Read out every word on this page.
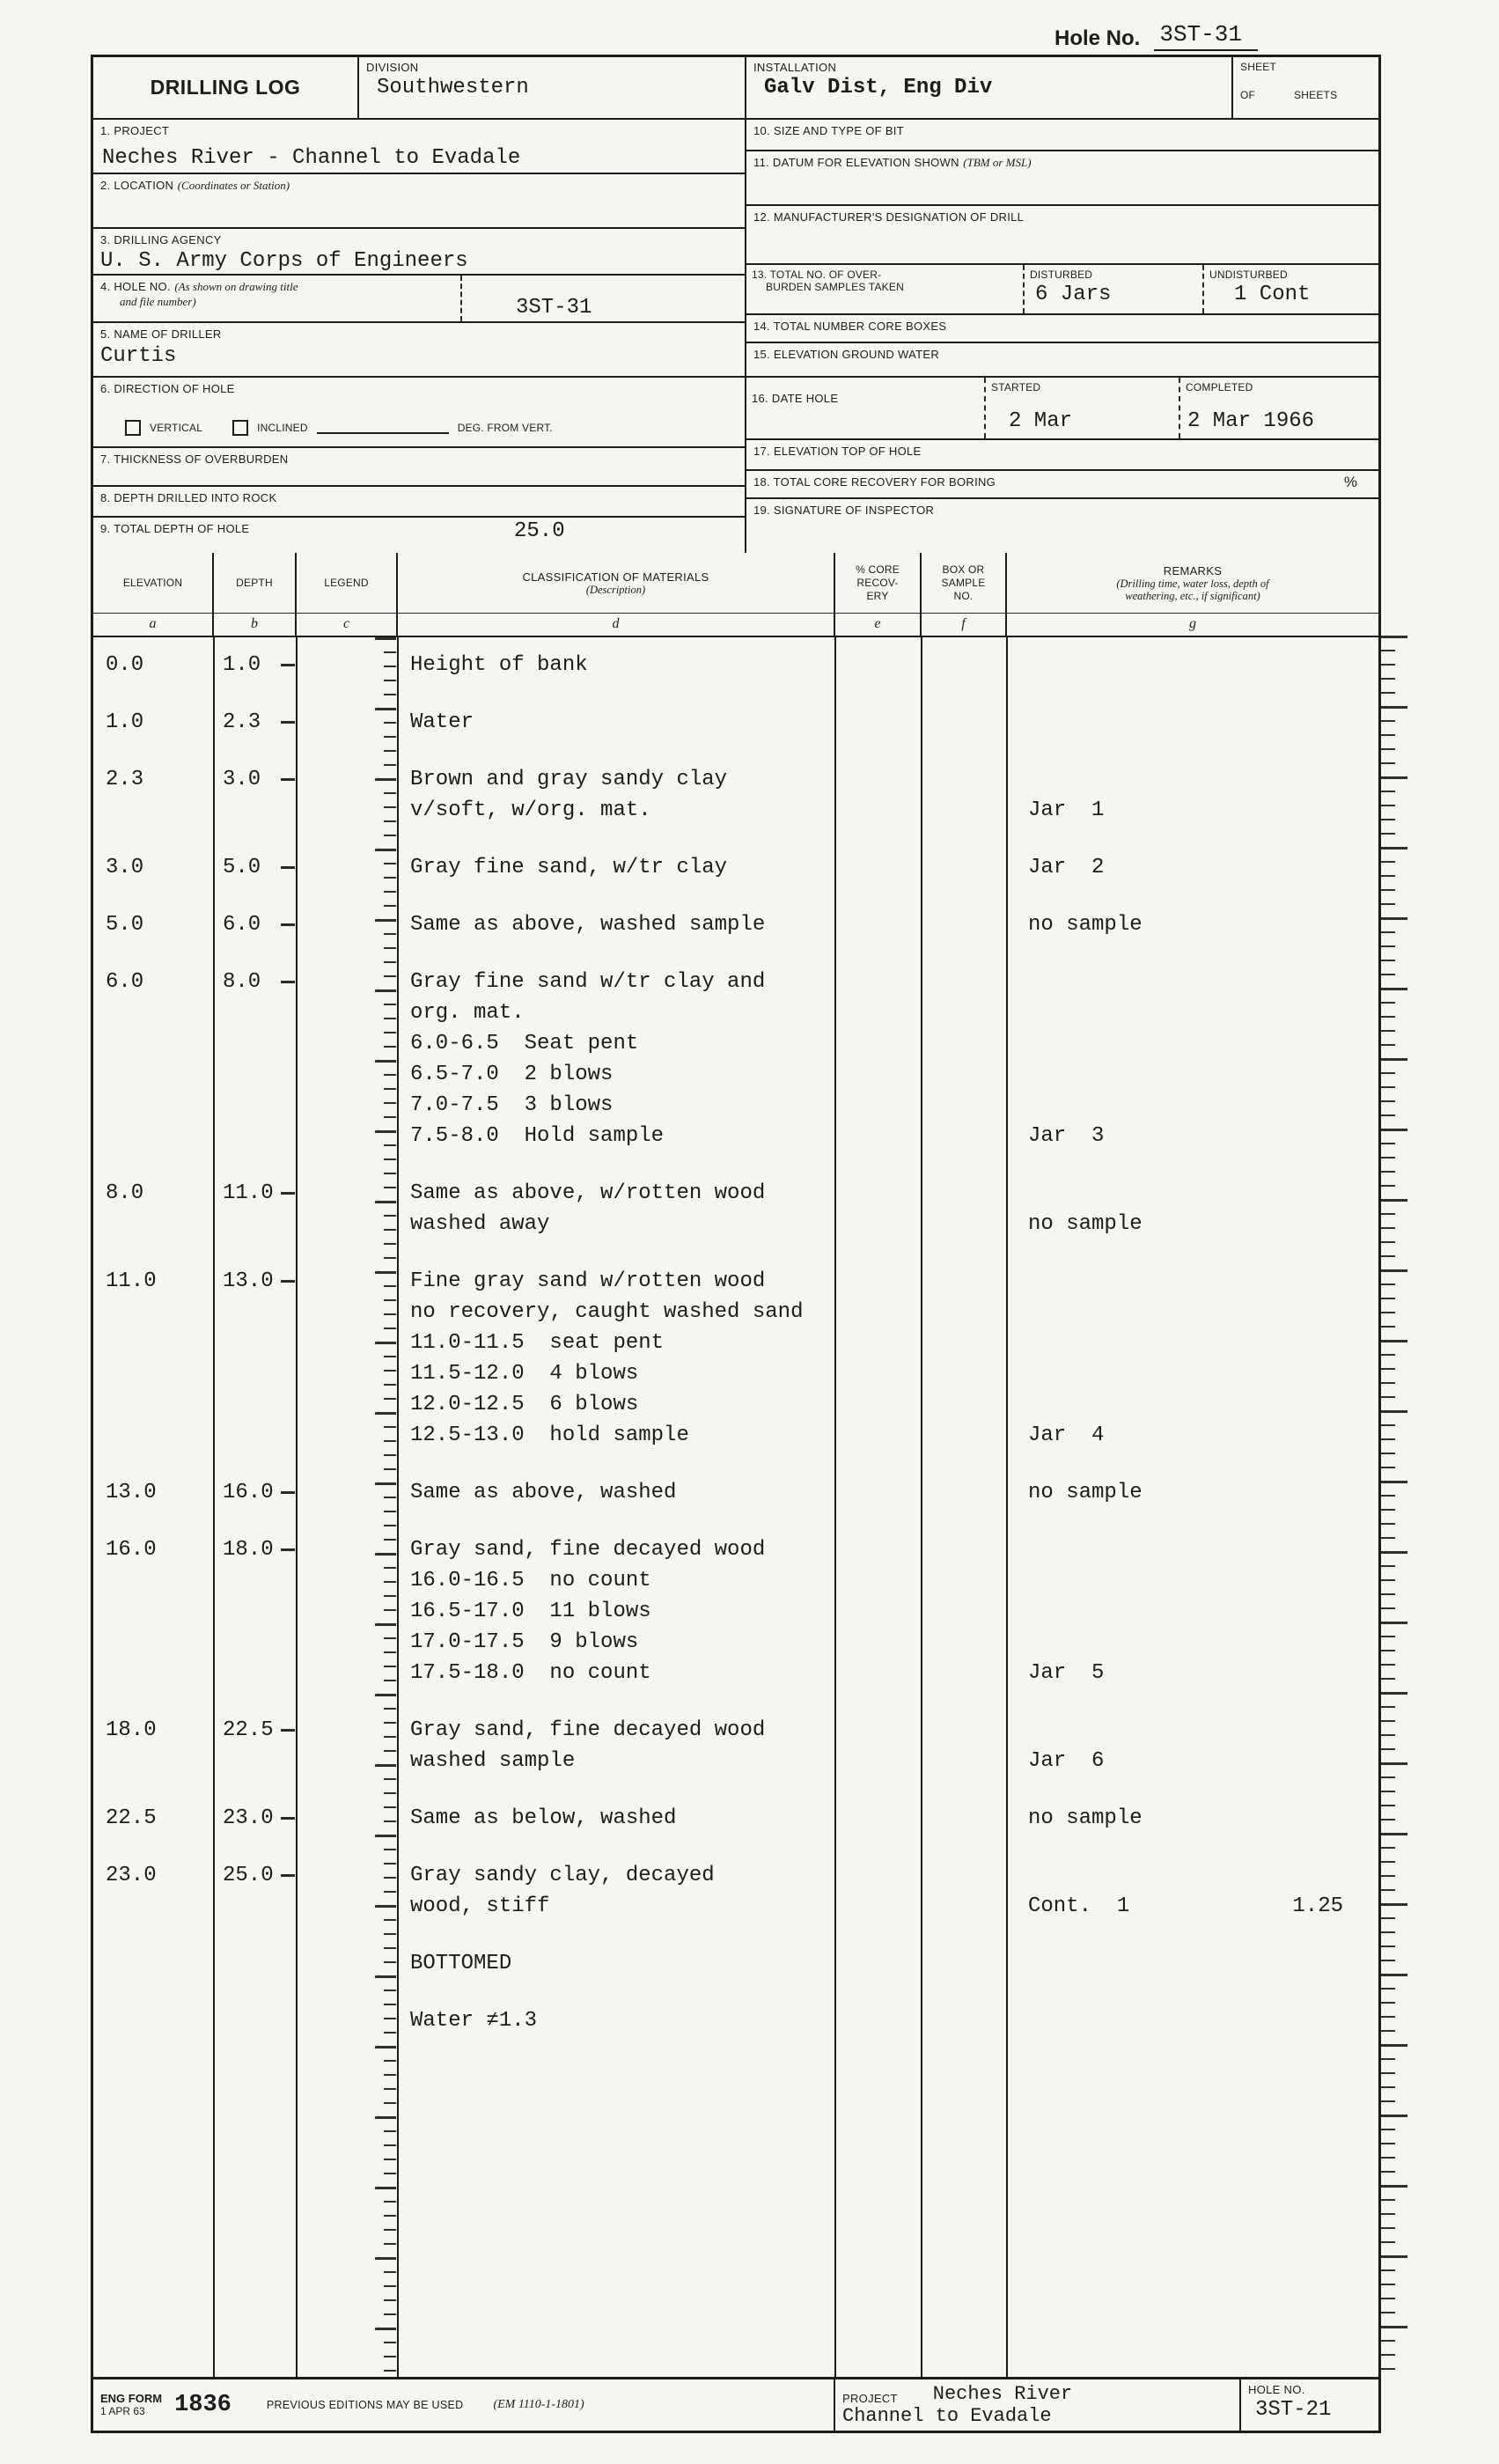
Hole No. 3ST-31
DRILLING LOG
DIVISION
Southwestern
INSTALLATION
Galv Dist, Eng Div
SHEET
OF	SHEETS
1. PROJECT
Neches River - Channel to Evadale
2. LOCATION (Coordinates or Station)
3. DRILLING AGENCY
U. S. Army Corps of Engineers
4. HOLE NO. (As shown on drawing title
and file number)	3ST-31
5. NAME OF DRILLER
Curtis
6. DIRECTION OF HOLE
VERTICAL	INCLINED	DEG. FROM VERT.
7. THICKNESS OF OVERBURDEN
8. DEPTH DRILLED INTO ROCK
9. TOTAL DEPTH OF HOLE	25.0
10. SIZE AND TYPE OF BIT
11. DATUM FOR ELEVATION SHOWN (TBM or MSL)
12. MANUFACTURER'S DESIGNATION OF DRILL
13. TOTAL NO. OF OVER-
BURDEN SAMPLES TAKEN
DISTURBED
6 Jars
UNDISTURBED
1 Cont
14. TOTAL NUMBER CORE BOXES
15. ELEVATION GROUND WATER
16. DATE HOLE
STARTED
2 Mar
COMPLETED
2 Mar 1966
17. ELEVATION TOP OF HOLE
18. TOTAL CORE RECOVERY FOR BORING	%
19. SIGNATURE OF INSPECTOR
ELEVATION	DEPTH	LEGEND	CLASSIFICATION OF MATERIALS
(Description)
% CORE
RECOV-
ERY
BOX OR
SAMPLE
NO.
REMARKS
(Drilling time, water loss, depth of
weathering, etc., if significant)
a	b	c	d	e	f	g
0.0	1.0	Height of bank
1.0	2.3	Water
2.3	3.0	Brown and gray sandy clay
v/soft, w/org. mat.	Jar  1
3.0	5.0	Gray fine sand, w/tr clay	Jar  2
5.0	6.0	Same as above, washed sample	no sample
6.0	8.0	Gray fine sand w/tr clay and
org. mat.
6.0-6.5  Seat pent
6.5-7.0  2 blows
7.0-7.5  3 blows
7.5-8.0  Hold sample	Jar  3
8.0	11.0	Same as above, w/rotten wood
washed away	no sample
11.0	13.0	Fine gray sand w/rotten wood
no recovery, caught washed sand
11.0-11.5  seat pent
11.5-12.0  4 blows
12.0-12.5  6 blows
12.5-13.0  hold sample	Jar  4
13.0	16.0	Same as above, washed	no sample
16.0	18.0	Gray sand, fine decayed wood
16.0-16.5  no count
16.5-17.0  11 blows
17.0-17.5  9 blows
17.5-18.0  no count	Jar  5
18.0	22.5	Gray sand, fine decayed wood
washed sample	Jar  6
22.5	23.0	Same as below, washed	no sample
23.0	25.0	Gray sandy clay, decayed
wood, stiff	Cont.  1	1.25
BOTTOMED
Water ≠1.3
ENG FORM
1 APR 63	1836	PREVIOUS EDITIONS MAY BE USED (EM 1110-1-1801)	PROJECT Neches River
Channel to Evadale
HOLE NO.
3ST-21
